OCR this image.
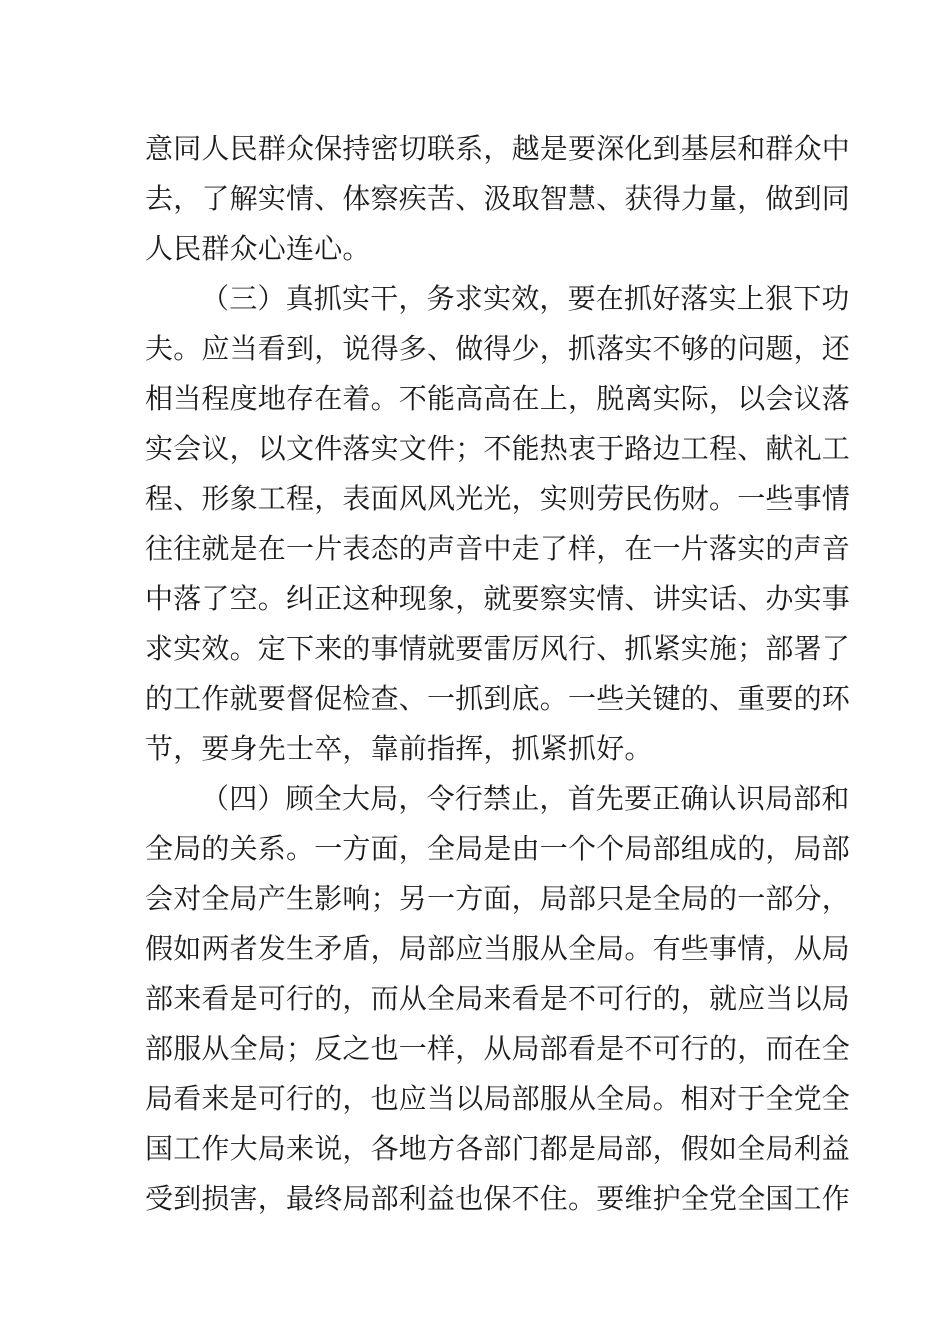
意同人民群众保持密切联系，越是要深化到基层和群众中
去，了解实情、体察疾苦、汲取智慧、获得力量，做到同
人民群众心连心。
（三）真抓实干，务求实效，要在抓好落实上狠下功
夫。应当看到，说得多、做得少，抓落实不够的问题，还
相当程度地存在着。不能高高在上，脱离实际，以会议落
实会议，以文件落实文件；不能热衷于路边工程、献礼工
程、形象工程，表面风风光光，实则劳民伤财。一些事情
往往就是在一片表态的声音中走了样，在一片落实的声音
中落了空。纠正这种现象，就要察实情、讲实话、办实事
求实效。定下来的事情就要雷厉风行、抓紧实施；部署了
的工作就要督促检查、一抓到底。一些关键的、重要的环
节，要身先士卒，靠前指挥，抓紧抓好。
（四）顾全大局，令行禁止，首先要正确认识局部和
全局的关系。一方面，全局是由一个个局部组成的，局部
会对全局产生影响；另一方面，局部只是全局的一部分，
假如两者发生矛盾，局部应当服从全局。有些事情，从局
部来看是可行的，而从全局来看是不可行的，就应当以局
部服从全局；反之也一样，从局部看是不可行的，而在全
局看来是可行的，也应当以局部服从全局。相对于全党全
国工作大局来说，各地方各部门都是局部，假如全局利益
受到损害，最终局部利益也保不住。要维护全党全国工作
